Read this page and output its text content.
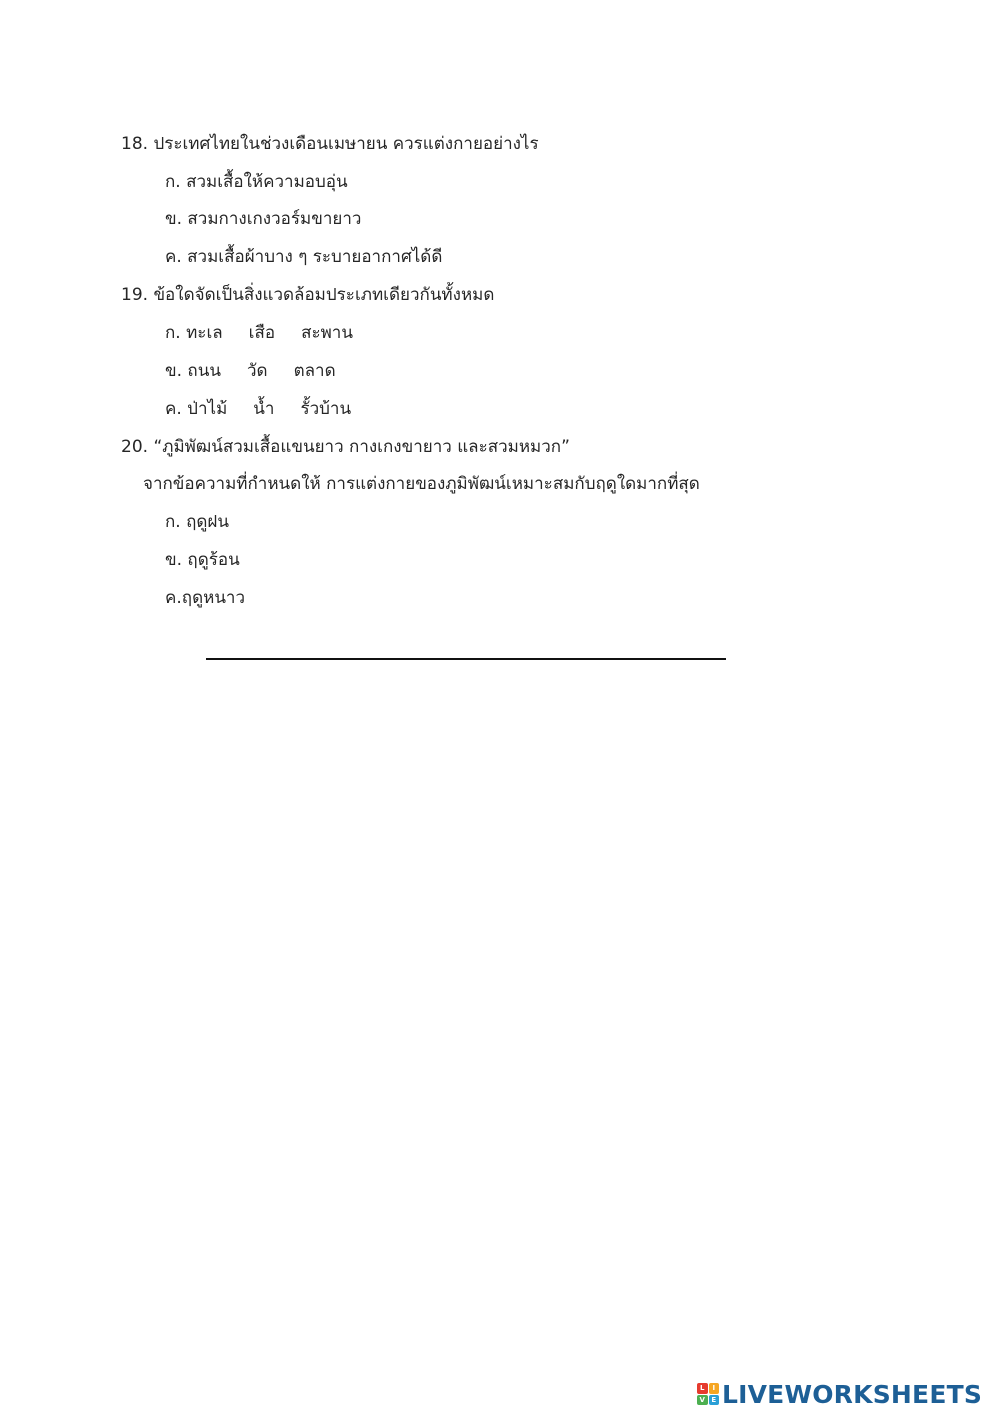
18. ประเทศไทยในช่วงเดือนเมษายน ควรแต่งกายอย่างไร
ก. สวมเสื้อให้ความอบอุ่น
ข. สวมกางเกงวอร์มขายาว
ค. สวมเสื้อผ้าบาง ๆ ระบายอากาศได้ดี
19. ข้อใดจัดเป็นสิ่งแวดล้อมประเภทเดียวกันทั้งหมด
ก. ทะเล เสือ สะพาน
ข. ถนน วัด ตลาด
ค. ป่าไม้ น้ำ รั้วบ้าน
20. “ภูมิพัฒน์สวมเสื้อแขนยาว กางเกงขายาว และสวมหมวก”
จากข้อความที่กำหนดให้ การแต่งกายของภูมิพัฒน์เหมาะสมกับฤดูใดมากที่สุด
ก. ฤดูฝน
ข. ฤดูร้อน
ค.ฤดูหนาว
L	I
V E LIVEWORKSHEETS
